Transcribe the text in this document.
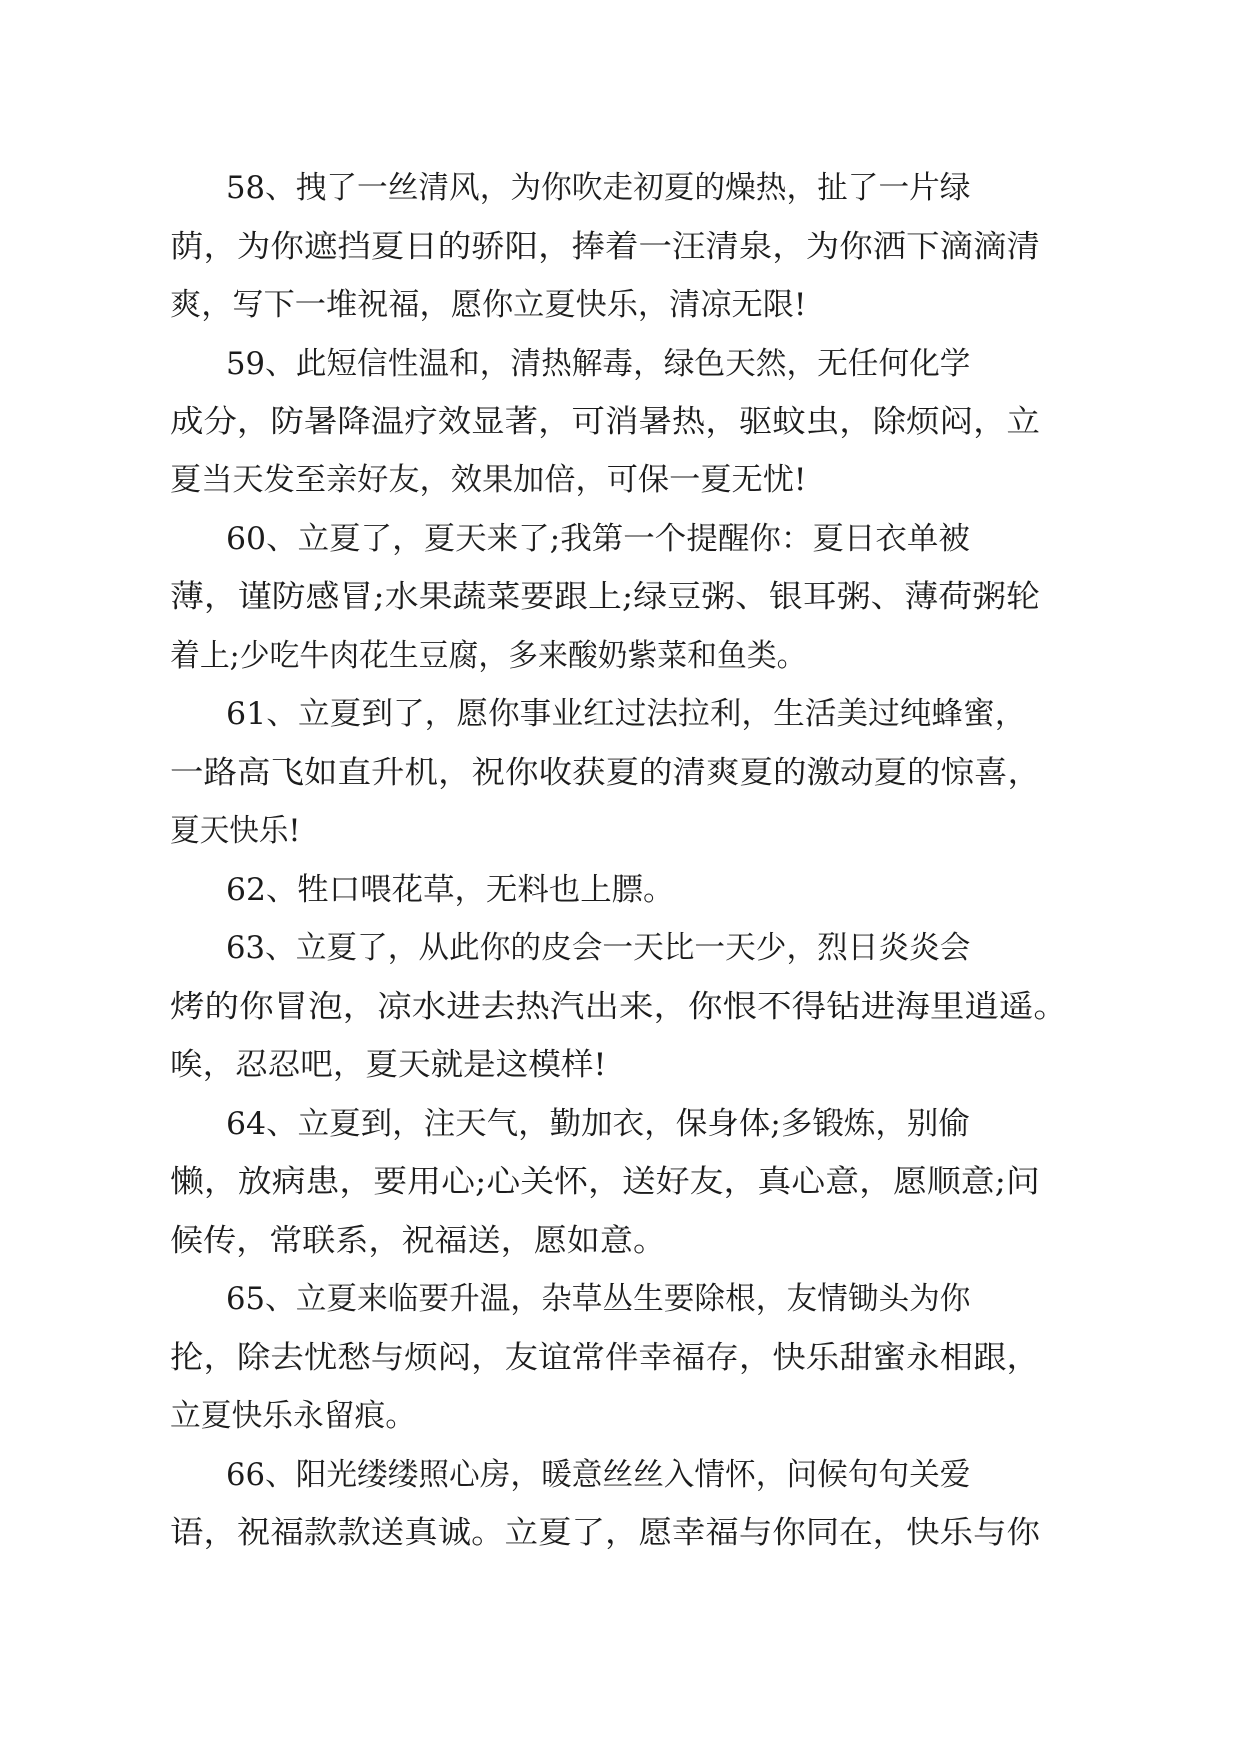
58、拽了一丝清风，为你吹走初夏的燥热，扯了一片绿
荫，为你遮挡夏日的骄阳，捧着一汪清泉，为你洒下滴滴清
爽，写下一堆祝福，愿你立夏快乐，清凉无限!
59、此短信性温和，清热解毒，绿色天然，无任何化学
成分，防暑降温疗效显著，可消暑热，驱蚊虫，除烦闷，立
夏当天发至亲好友，效果加倍，可保一夏无忧!
60、立夏了，夏天来了;我第一个提醒你：夏日衣单被
薄，谨防感冒;水果蔬菜要跟上;绿豆粥、银耳粥、薄荷粥轮
着上;少吃牛肉花生豆腐，多来酸奶紫菜和鱼类。
61、立夏到了，愿你事业红过法拉利，生活美过纯蜂蜜，
一路高飞如直升机，祝你收获夏的清爽夏的激动夏的惊喜，
夏天快乐!
62、牲口喂花草，无料也上膘。
63、立夏了，从此你的皮会一天比一天少，烈日炎炎会
烤的你冒泡，凉水进去热汽出来，你恨不得钻进海里逍遥。
唉，忍忍吧，夏天就是这模样!
64、立夏到，注天气，勤加衣，保身体;多锻炼，别偷
懒，放病患，要用心;心关怀，送好友，真心意，愿顺意;问
候传，常联系，祝福送，愿如意。
65、立夏来临要升温，杂草丛生要除根，友情锄头为你
抡，除去忧愁与烦闷，友谊常伴幸福存，快乐甜蜜永相跟，
立夏快乐永留痕。
66、阳光缕缕照心房，暖意丝丝入情怀，问候句句关爱
语，祝福款款送真诚。立夏了，愿幸福与你同在，快乐与你
